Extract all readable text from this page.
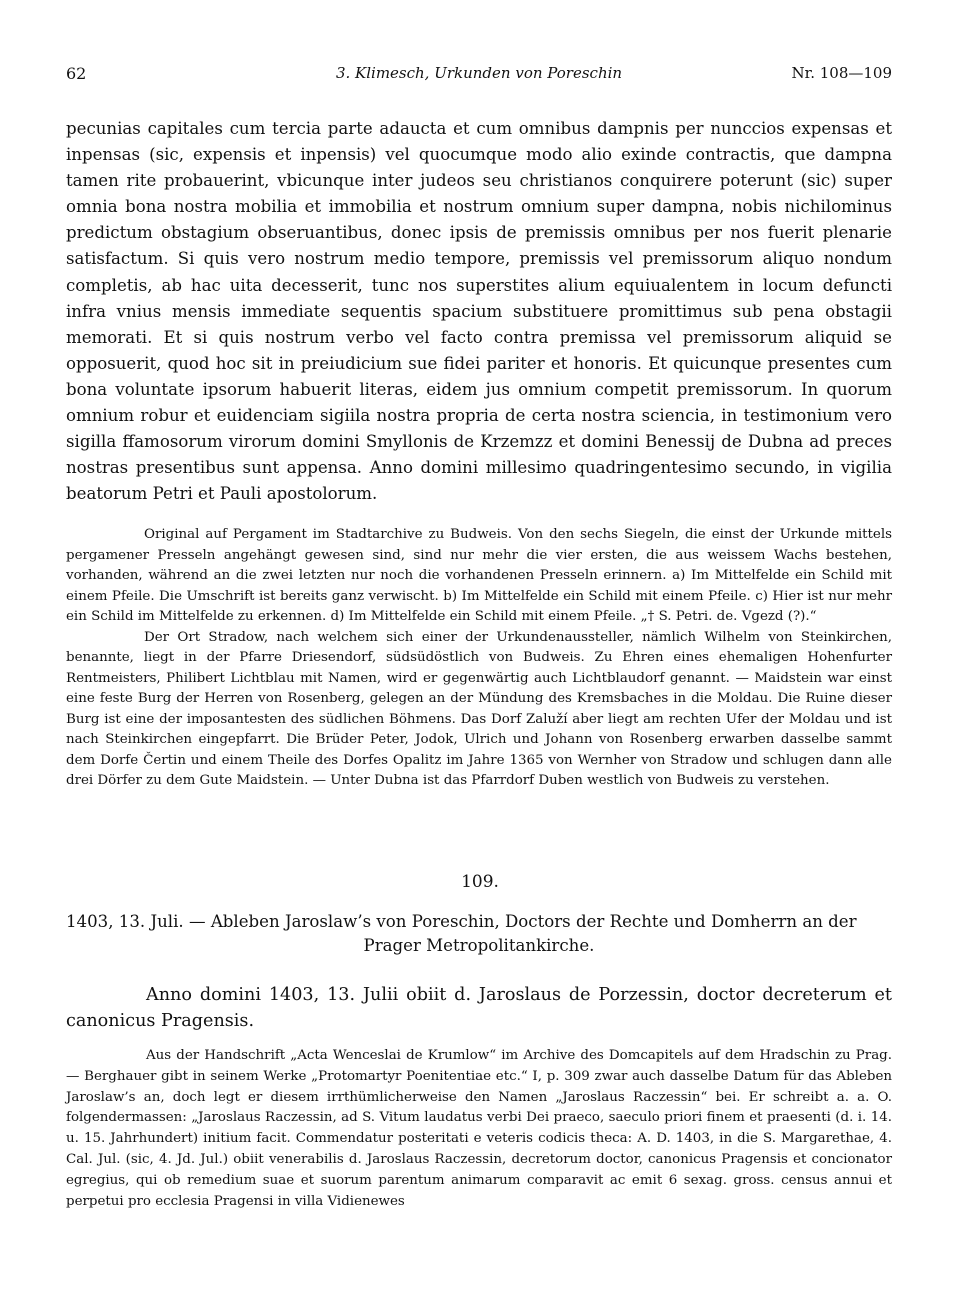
62	3. Klimesch, Urkunden von Poreschin	Nr. 108—109

pecunias capitales cum tercia parte adaucta et cum omnibus dampnis per nunccios expensas et inpensas (sic, expensis et inpensis) vel quocumque modo alio exinde contractis, que dampna tamen rite probauerint, vbicunque inter judeos seu christianos conquirere poterunt (sic) super omnia bona nostra mobilia et immobilia et nostrum omnium super dampna, nobis nichilominus predictum obstagium obseruantibus, donec ipsis de premissis omnibus per nos fuerit plenarie satisfactum. Si quis vero nostrum medio tempore, premissis vel premissorum aliquo nondum completis, ab hac uita decesserit, tunc nos superstites alium equiualentem in locum defuncti infra vnius mensis immediate sequentis spacium substituere promittimus sub pena obstagii memorati. Et si quis nostrum verbo vel facto contra premissa vel premissorum aliquid se opposuerit, quod hoc sit in preiudicium sue fidei pariter et honoris. Et quicunque presentes cum bona voluntate ipsorum habuerit literas, eidem jus omnium competit premissorum. In quorum omnium robur et euidenciam sigiila nostra propria de certa nostra sciencia, in testimonium vero sigilla ffamosorum virorum domini Smyllonis de Krzemzz et domini Benessij de Dubna ad preces nostras presentibus sunt appensa. Anno domini millesimo quadringentesimo secundo, in vigilia beatorum Petri et Pauli apostolorum.

Original auf Pergament im Stadtarchive zu Budweis. Von den sechs Siegeln, die einst der Urkunde mittels pergamener Presseln angehängt gewesen sind, sind nur mehr die vier ersten, die aus weissem Wachs bestehen, vorhanden, während an die zwei letzten nur noch die vorhandenen Presseln erinnern. a) Im Mittelfelde ein Schild mit einem Pfeile. Die Umschrift ist bereits ganz verwischt. b) Im Mittelfelde ein Schild mit einem Pfeile. c) Hier ist nur mehr ein Schild im Mittelfelde zu erkennen. d) Im Mittelfelde ein Schild mit einem Pfeile. „† S. Petri. de. Vgezd (?).“

Der Ort Stradow, nach welchem sich einer der Urkundenaussteller, nämlich Wilhelm von Steinkirchen, benannte, liegt in der Pfarre Driesendorf, südsüdöstlich von Budweis. Zu Ehren eines ehemaligen Hohenfurter Rentmeisters, Philibert Lichtblau mit Namen, wird er gegenwärtig auch Lichtblaudorf genannt. — Maidstein war einst eine feste Burg der Herren von Rosenberg, gelegen an der Mündung des Kremsbaches in die Moldau. Die Ruine dieser Burg ist eine der imposantesten des südlichen Böhmens. Das Dorf Zaluží aber liegt am rechten Ufer der Moldau und ist nach Steinkirchen eingepfarrt. Die Brüder Peter, Jodok, Ulrich und Johann von Rosenberg erwarben dasselbe sammt dem Dorfe Čertin und einem Theile des Dorfes Opalitz im Jahre 1365 von Wernher von Stradow und schlugen dann alle drei Dörfer zu dem Gute Maidstein. — Unter Dubna ist das Pfarrdorf Duben westlich von Budweis zu verstehen.

109.
1403, 13. Juli. — Ableben Jaroslaw’s von Poreschin, Doctors der Rechte und Domherrn an der
Prager Metropolitankirche.

Anno domini 1403, 13. Julii obiit d. Jaroslaus de Porzessin, doctor decreterum et canonicus Pragensis.

Aus der Handschrift „Acta Wenceslai de Krumlow“ im Archive des Domcapitels auf dem Hradschin zu Prag. — Berghauer gibt in seinem Werke „Protomartyr Poenitentiae etc.“ I, p. 309 zwar auch dasselbe Datum für das Ableben Jaroslaw’s an, doch legt er diesem irrthümlicherweise den Namen „Jaroslaus Raczessin“ bei. Er schreibt a. a. O. folgendermassen: „Jaroslaus Raczessin, ad S. Vitum laudatus verbi Dei praeco, saeculo priori finem et praesenti (d. i. 14. u. 15. Jahrhundert) initium facit. Commendatur posteritati e veteris codicis theca: A. D. 1403, in die S. Margarethae, 4. Cal. Jul. (sic, 4. Jd. Jul.) obiit venerabilis d. Jaroslaus Raczessin, decretorum doctor, canonicus Pragensis et concionator egregius, qui ob remedium suae et suorum parentum animarum comparavit ac emit 6 sexag. gross. census annui et perpetui pro ecclesia Pragensi in villa Vidienewes
